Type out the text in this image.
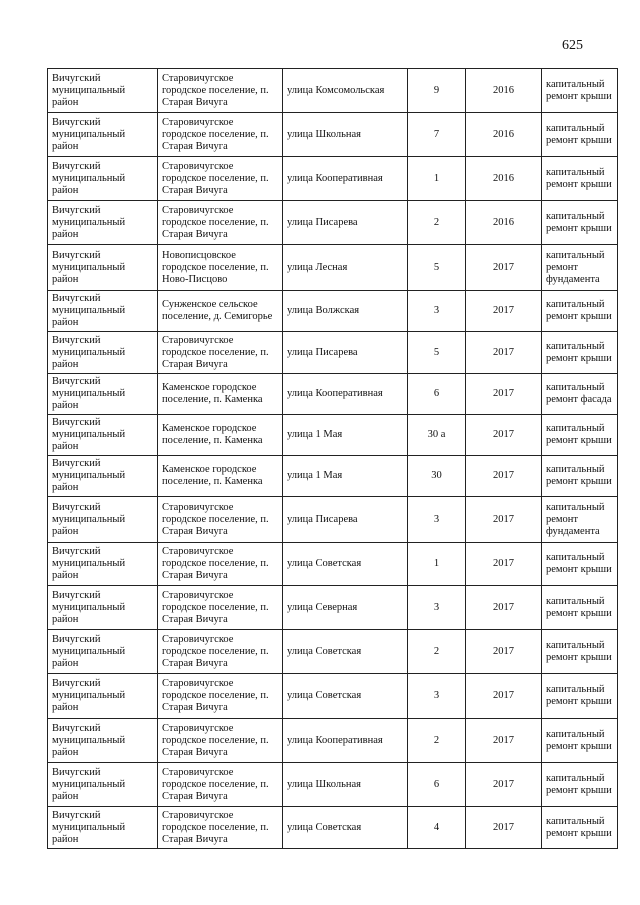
625
Вичугский муниципальный район	Старовичугское городское поселение, п. Старая Вичуга	улица Комсомольская	9	2016	капитальный ремонт крыши
Вичугский муниципальный район	Старовичугское городское поселение, п. Старая Вичуга	улица Школьная	7	2016	капитальный ремонт крыши
Вичугский муниципальный район	Старовичугское городское поселение, п. Старая Вичуга	улица Кооперативная	1	2016	капитальный ремонт крыши
Вичугский муниципальный район	Старовичугское городское поселение, п. Старая Вичуга	улица Писарева	2	2016	капитальный ремонт крыши
Вичугский муниципальный район	Новописцовское городское поселение, п. Ново-Писцово	улица Лесная	5	2017	капитальный ремонт фундамента
Вичугский муниципальный район	Сунженское сельское поселение, д. Семигорье	улица Волжская	3	2017	капитальный ремонт крыши
Вичугский муниципальный район	Старовичугское городское поселение, п. Старая Вичуга	улица Писарева	5	2017	капитальный ремонт крыши
Вичугский муниципальный район	Каменское городское поселение, п. Каменка	улица Кооперативная	6	2017	капитальный ремонт фасада
Вичугский муниципальный район	Каменское городское поселение, п. Каменка	улица 1 Мая	30 а	2017	капитальный ремонт крыши
Вичугский муниципальный район	Каменское городское поселение, п. Каменка	улица 1 Мая	30	2017	капитальный ремонт крыши
Вичугский муниципальный район	Старовичугское городское поселение, п. Старая Вичуга	улица Писарева	3	2017	капитальный ремонт фундамента
Вичугский муниципальный район	Старовичугское городское поселение, п. Старая Вичуга	улица Советская	1	2017	капитальный ремонт крыши
Вичугский муниципальный район	Старовичугское городское поселение, п. Старая Вичуга	улица Северная	3	2017	капитальный ремонт крыши
Вичугский муниципальный район	Старовичугское городское поселение, п. Старая Вичуга	улица Советская	2	2017	капитальный ремонт крыши
Вичугский муниципальный район	Старовичугское городское поселение, п. Старая Вичуга	улица Советская	3	2017	капитальный ремонт крыши
Вичугский муниципальный район	Старовичугское городское поселение, п. Старая Вичуга	улица Кооперативная	2	2017	капитальный ремонт крыши
Вичугский муниципальный район	Старовичугское городское поселение, п. Старая Вичуга	улица Школьная	6	2017	капитальный ремонт крыши
Вичугский муниципальный район	Старовичугское городское поселение, п. Старая Вичуга	улица Советская	4	2017	капитальный ремонт крыши
